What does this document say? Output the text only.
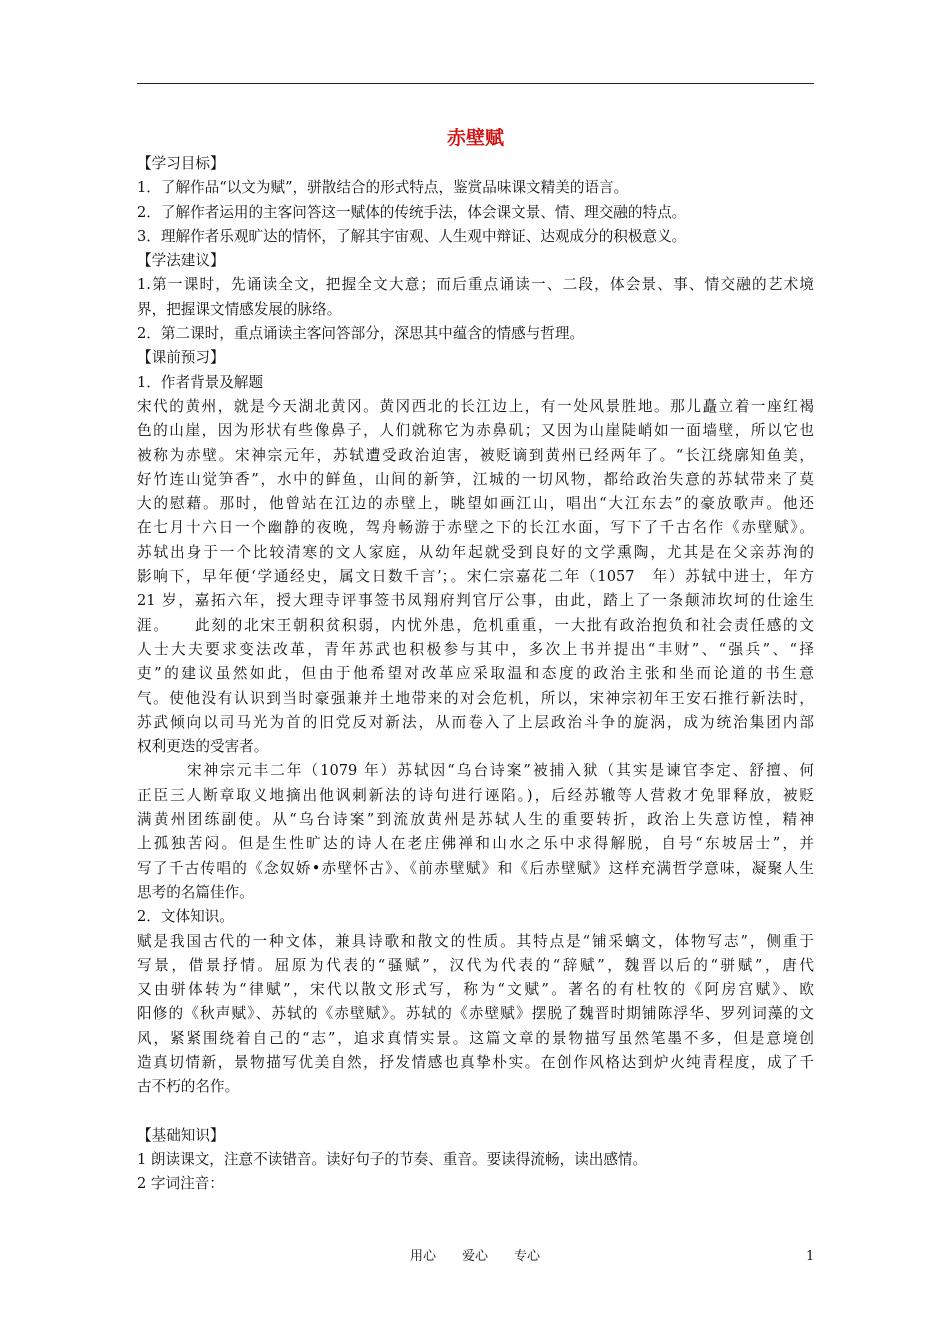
赤壁赋
【学习目标】
1．了解作品“以文为赋”，骈散结合的形式特点，鉴赏品味课文精美的语言。
2．了解作者运用的主客问答这一赋体的传统手法，体会课文景、情、理交融的特点。
3．理解作者乐观旷达的情怀，了解其宇宙观、人生观中辩证、达观成分的积极意义。
【学法建议】
1.第一课时，先诵读全文，把握全文大意；而后重点诵读一、二段，体会景、事、情交融的艺术境
界，把握课文情感发展的脉络。
2．第二课时，重点诵读主客问答部分，深思其中蕴含的情感与哲理。
【课前预习】
1．作者背景及解题
宋代的黄州，就是今天湖北黄冈。黄冈西北的长江边上，有一处风景胜地。那儿矗立着一座红褐
色的山崖，因为形状有些像鼻子，人们就称它为赤鼻矶；又因为山崖陡峭如一面墙壁，所以它也
被称为赤壁。宋神宗元年，苏轼遭受政治迫害，被贬谪到黄州已经两年了。“长江绕廓知鱼美，
好竹连山觉笋香”，水中的鲜鱼，山间的新笋，江城的一切风物，都给政治失意的苏轼带来了莫
大的慰藉。那时，他曾站在江边的赤壁上，眺望如画江山，唱出“大江东去”的豪放歌声。他还
在七月十六日一个幽静的夜晚，驾舟畅游于赤壁之下的长江水面，写下了千古名作《赤壁赋》。
苏轼出身于一个比较清寒的文人家庭，从幼年起就受到良好的文学熏陶，尤其是在父亲苏洵的
影响下，早年便‘学通经史，属文日数千言’；。宋仁宗嘉花二年（1057　年）苏轼中进士，年方
21 岁，嘉拓六年，授大理寺评事签书凤翔府判官厅公事，由此，踏上了一条颠沛坎坷的仕途生
涯。　　此刻的北宋王朝积贫积弱，内忧外患，危机重重，一大批有政治抱负和社会责任感的文
人士大夫要求变法改革，青年苏武也积极参与其中，多次上书并提出“丰财”、“强兵”、“择
吏”的建议虽然如此，但由于他希望对改革应采取温和态度的政治主张和坐而论道的书生意
气。使他没有认识到当时豪强兼并土地带来的对会危机，所以，宋神宗初年王安石推行新法时，
苏武倾向以司马光为首的旧党反对新法，从而卷入了上层政治斗争的旋涡，成为统治集团内部
权利更迭的受害者。
　　　宋神宗元丰二年（1079 年）苏轼因“乌台诗案”被捕入狱（其实是谏官李定、舒擅、何
正臣三人断章取义地摘出他讽刺新法的诗句进行诬陷。)，后经苏辙等人营救才免罪释放，被贬
满黄州团练副使。从“乌台诗案”到流放黄州是苏轼人生的重要转折，政治上失意访惶，精神
上孤独苦闷。但是生性旷达的诗人在老庄佛禅和山水之乐中求得解脱，自号“东坡居士”，并
写了千古传唱的《念奴娇•赤壁怀古》、《前赤壁赋》和《后赤壁赋》这样充满哲学意味，凝聚人生
思考的名篇佳作。
2．文体知识。
赋是我国古代的一种文体，兼具诗歌和散文的性质。其特点是“铺采螭文，体物写志”，侧重于
写景，借景抒情。屈原为代表的“骚赋”，汉代为代表的“辞赋”，魏晋以后的“骈赋”，唐代
又由骈体转为“律赋”，宋代以散文形式写，称为“文赋”。著名的有杜牧的《阿房宫赋》、欧
阳修的《秋声赋》、苏轼的《赤壁赋》。苏轼的《赤壁赋》摆脱了魏晋时期铺陈浮华、罗列词藻的文
风，紧紧围绕着自己的“志”，追求真情实景。这篇文章的景物描写虽然笔墨不多，但是意境创
造真切情新，景物描写优美自然，抒发情感也真挚朴实。在创作风格达到炉火纯青程度，成了千
古不朽的名作。
【基础知识】
1 朗读课文，注意不读错音。读好句子的节奏、重音。要读得流畅，读出感情。
2 字词注音：
用心　　爱心　　专心	1
